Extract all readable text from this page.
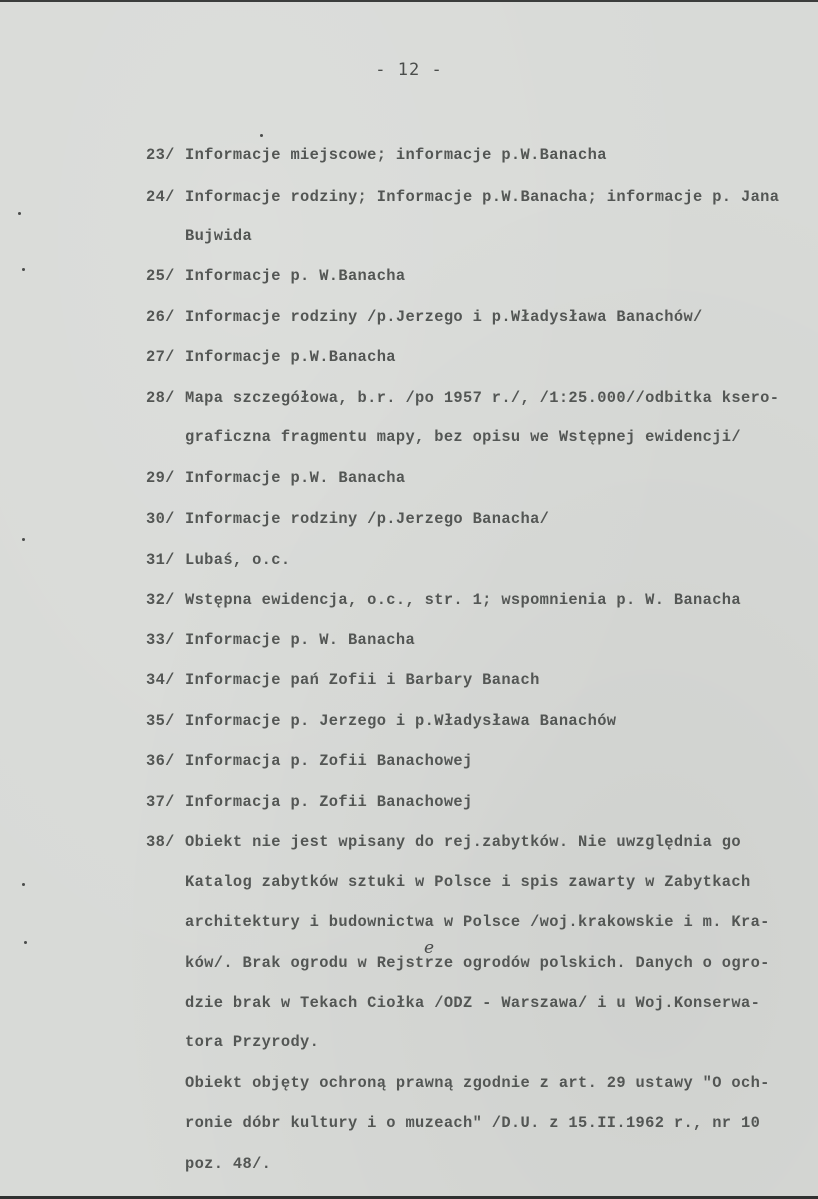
- 12 -
23/ Informacje miejscowe; informacje p.W.Banacha
24/ Informacje rodziny; Informacje p.W.Banacha; informacje p. Jana
Bujwida
25/ Informacje p. W.Banacha
26/ Informacje rodziny /p.Jerzego i p.Władysława Banachów/
27/ Informacje p.W.Banacha
28/ Mapa szczegółowa, b.r. /po 1957 r./, /1:25.000//odbitka ksero-
graficzna fragmentu mapy, bez opisu we Wstępnej ewidencji/
29/ Informacje p.W. Banacha
30/ Informacje rodziny /p.Jerzego Banacha/
31/ Lubaś, o.c.
32/ Wstępna ewidencja, o.c., str. 1; wspomnienia p. W. Banacha
33/ Informacje p. W. Banacha
34/ Informacje pań Zofii i Barbary Banach
35/ Informacje p. Jerzego i p.Władysława Banachów
36/ Informacja p. Zofii Banachowej
37/ Informacja p. Zofii Banachowej
38/ Obiekt nie jest wpisany do rej.zabytków. Nie uwzględnia go
Katalog zabytków sztuki w Polsce i spis zawarty w Zabytkach
architektury i budownictwa w Polsce /woj.krakowskie i m. Kra-
ków/. Brak ogrodu w Rejstrze ogrodów polskich. Danych o ogro-
dzie brak w Tekach Ciołka /ODZ - Warszawa/ i u Woj.Konserwa-
tora Przyrody.
Obiekt objęty ochroną prawną zgodnie z art. 29 ustawy "O och-
ronie dóbr kultury i o muzeach" /D.U. z 15.II.1962 r., nr 10
poz. 48/.
e
